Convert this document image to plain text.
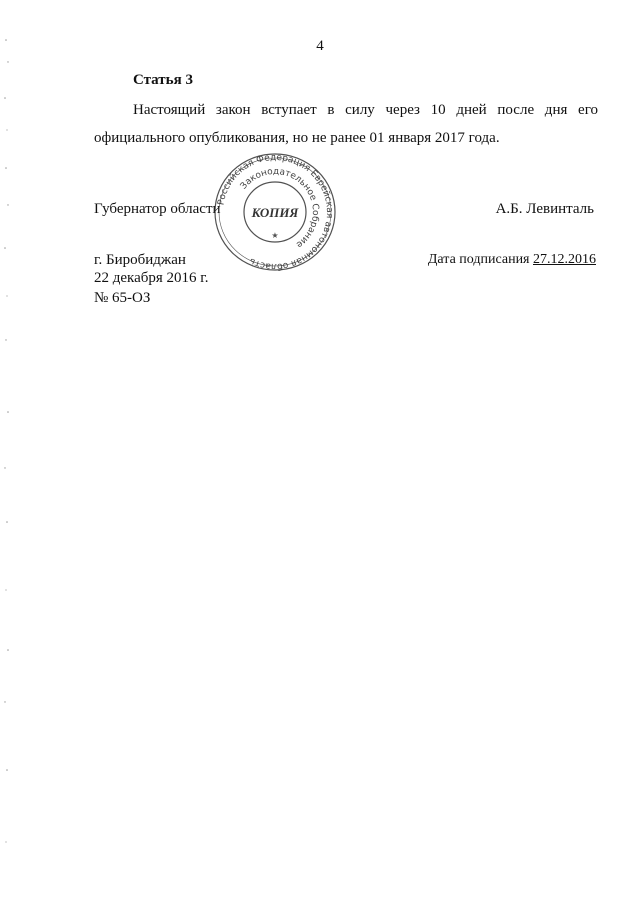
4
Статья 3
Настоящий закон вступает в силу через 10 дней после дня его официального опубликования, но не ранее 01 января 2017 года.
Губернатор области	А.Б. Левинталь
Российская Федерация Еврейская автономная область
Законодательное Собрание
КОПИЯ
★
г. Биробиджан
22 декабря 2016 г.
№ 65-ОЗ
Дата подписания 27.12.2016
